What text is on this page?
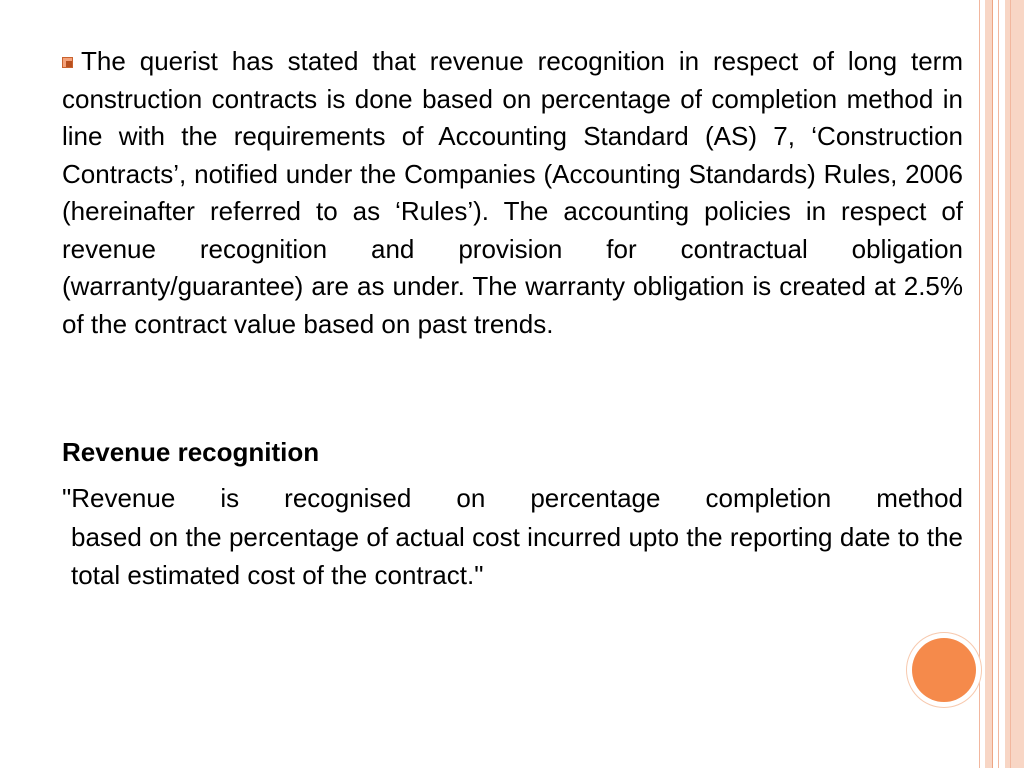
The querist has stated that revenue recognition in respect of long term construction contracts is done based on percentage of completion method in line with the requirements of Accounting Standard (AS) 7, ‘Construction Contracts’, notified under the Companies (Accounting Standards) Rules, 2006 (hereinafter referred to as ‘Rules’). The accounting policies in respect of revenue recognition and provision for contractual obligation (warranty/guarantee) are as under. The warranty obligation is created at 2.5% of the contract value based on past trends.

Revenue recognition

"Revenue is recognised on percentage completion method
based on the percentage of actual cost incurred upto the reporting date to the total estimated cost of the contract."
